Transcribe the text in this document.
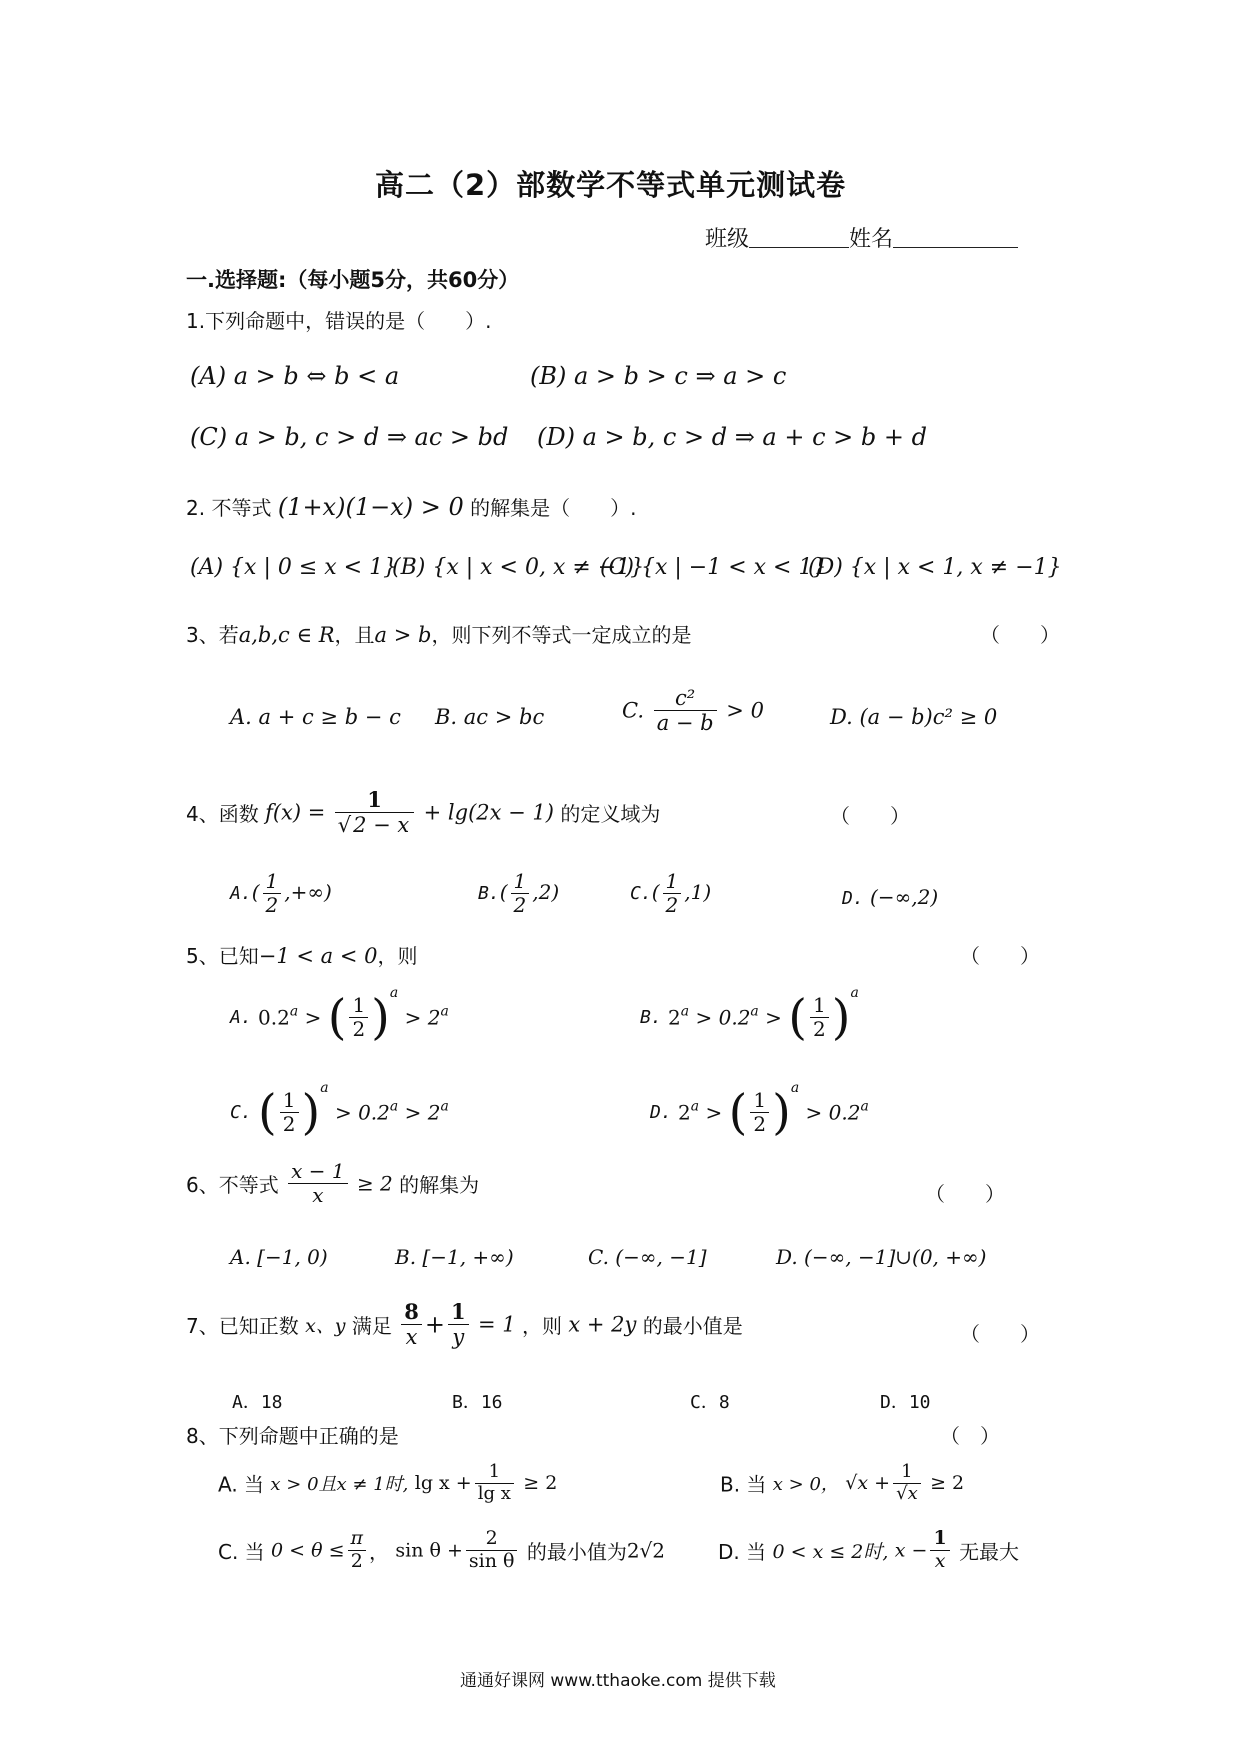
高二（2）部数学不等式单元测试卷
班级	姓名
一.选择题:（每小题5分，共60分）
1.下列命题中，错误的是（　　）.
(A) a > b ⇔ b < a	(B) a > b > c ⇒ a > c
(C) a > b, c > d ⇒ ac > bd (D) a > b, c > d ⇒ a + c > b + d
2. 不等式 (1+x)(1−x) > 0 的解集是（　　）.
(A) {x | 0 ≤ x < 1}
(B) {x | x < 0, x ≠ −1}
(C) {x | −1 < x < 1}
(D) {x | x < 1, x ≠ −1}
3、若a,b,c ∈ R，且a > b，则下列不等式一定成立的是	（　　）
A. a + c ≥ b − c B. ac > bc	C. $\frac{\text{c²}}{a - b} > 0$	D. (a − b)c² ≥ 0
4、函数 $f(x) = \frac{1}{√2 - x} + \lg(2x - 1)$ 的定义域为	（　　）
$A.( \frac{1}{2}$ ,+∞)	$B.( \frac{1}{2} ,2)$	$C.( \frac{1}{2} ,1)$	D. (−∞,2)
5、已知−1 < a < 0，则	（　　）
A. 0.2$^a$ > ( $\frac{1}{2} )^a > 2^a$	B. $2^a > 0.2^a$ > ( $\frac{1}{2} )^a$
C. ( $\frac{1}{2} )^a > 0.2^a > 2^a$	D. $2^a$ > ( $\frac{1}{2} )^a > 0.2^a$
6、不等式 $\frac{x - 1}{x} \ge 2$ 的解集为	（　　）
A. [−1, 0)	B. [−1, +∞)	C. (−∞, −1]	D. (−∞, −1]∪(0, +∞)
7、已知正数 x、y 满足 $\frac{8}{x} + \frac{1}{y} = 1$ ，则 x + 2y 的最小值是	（　　）
A．18	B．16	C．8	D．10
8、下列命题中正确的是	（　）
A. 当 x > 0且x ≠ 1时, $\lg x + \frac{1}{\text{lg x}} \ge 2$	B. 当 x > 0， $√x + \frac{1}{√x} \ge 2$
C. 当 $0 < \theta \le \frac{\pi}{2}$ ， $\sin \theta + \frac{2}{\text{sin θ}}$ 的最小值为2√2	D. 当 0 < x ≤ 2时, $x - \frac{1}{x}$ 无最大
通通好课网 www.tthaoke.com 提供下载
